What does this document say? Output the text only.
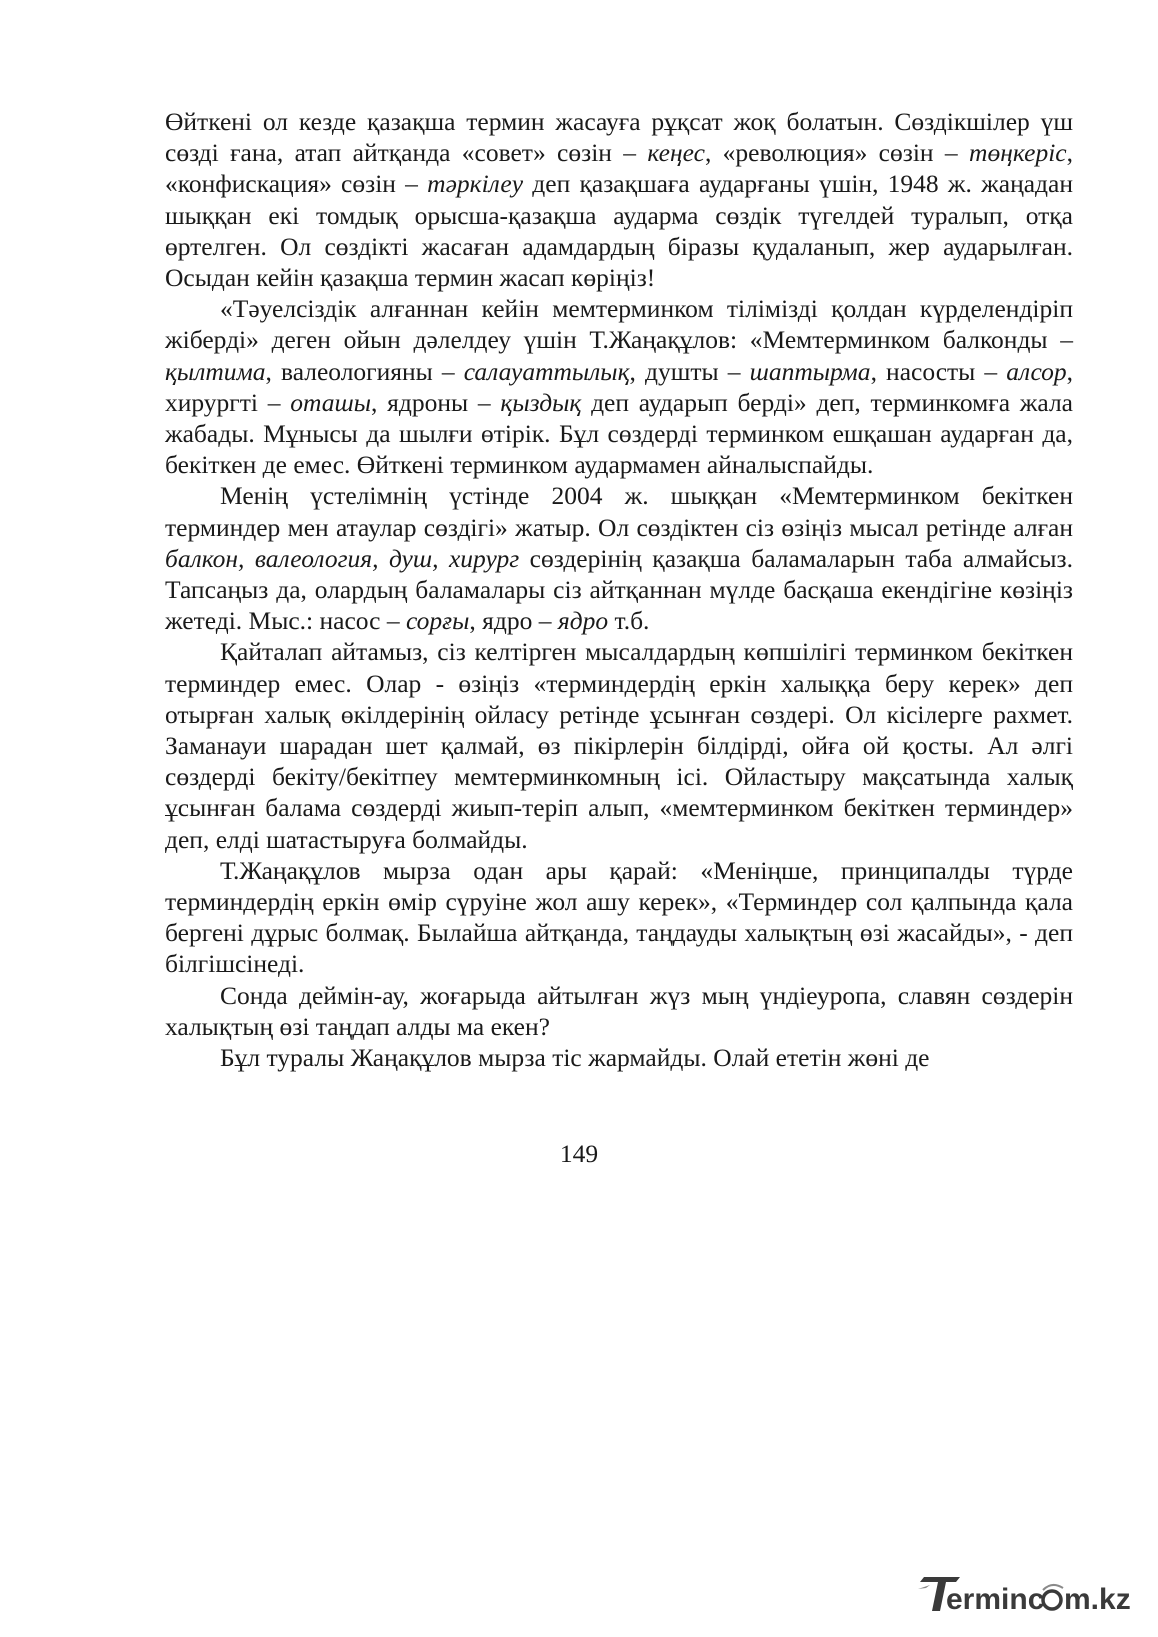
Өйткені ол кезде қазақша термин жасауға рұқсат жоқ болатын. Сөздікшілер үш сөзді ғана, атап айтқанда «совет» сөзін – кеңес, «революция» сөзін – төңкеріс, «конфискация» сөзін – тәркілеу деп қазақшаға аударғаны үшін, 1948 ж. жаңадан шыққан екі томдық орысша-қазақша аударма сөздік түгелдей туралып, отқа өртелген. Ол сөздікті жасаған адамдардың біразы қудаланып, жер аударылған. Осыдан кейін қазақша термин жасап көріңіз!

«Тәуелсіздік алғаннан кейін мемтерминком тілімізді қолдан күрделендіріп жіберді» деген ойын дәлелдеу үшін Т.Жаңақұлов: «Мемтерминком балконды – қылтима, валеологияны – салауаттылық, душты – шаптырма, насосты – алсор, хирургті – оташы, ядроны – қыздық деп аударып берді» деп, терминкомға жала жабады. Мұнысы да шылғи өтірік. Бұл сөздерді терминком ешқашан аударған да, бекіткен де емес. Өйткені терминком аудармамен айналыспайды.

Менің үстелімнің үстінде 2004 ж. шыққан «Мемтерминком бекіткен терминдер мен атаулар сөздігі» жатыр. Ол сөздіктен сіз өзіңіз мысал ретінде алған балкон, валеология, душ, хирург сөздерінің қазақша баламаларын таба алмайсыз. Тапсаңыз да, олардың баламалары сіз айтқаннан мүлде басқаша екендігіне көзіңіз жетеді. Мыс.: насос – сорғы, ядро – ядро т.б.

Қайталап айтамыз, сіз келтірген мысалдардың көпшілігі терминком бекіткен терминдер емес. Олар - өзіңіз «терминдердің еркін халыққа беру керек» деп отырған халық өкілдерінің ойласу ретінде ұсынған сөздері. Ол кісілерге рахмет. Заманауи шарадан шет қалмай, өз пікірлерін білдірді, ойға ой қосты. Ал әлгі сөздерді бекіту/бекітпеу мемтерминкомның ісі. Ойластыру мақсатында халық ұсынған балама сөздерді жиып-теріп алып, «мемтерминком бекіткен терминдер» деп, елді шатастыруға болмайды.

Т.Жаңақұлов мырза одан ары қарай: «Меніңше, принципалды түрде терминдердің еркін өмір сүруіне жол ашу керек», «Терминдер сол қалпында қала бергені дұрыс болмақ. Былайша айтқанда, таңдауды халықтың өзі жасайды», - деп білгішсінеді.

Сонда деймін-ау, жоғарыда айтылған жүз мың үндіеуропа, славян сөздерін халықтың өзі таңдап алды ма екен?

Бұл туралы Жаңақұлов мырза тіс жармайды. Олай ететін жөні де

149
erminc m.kz
